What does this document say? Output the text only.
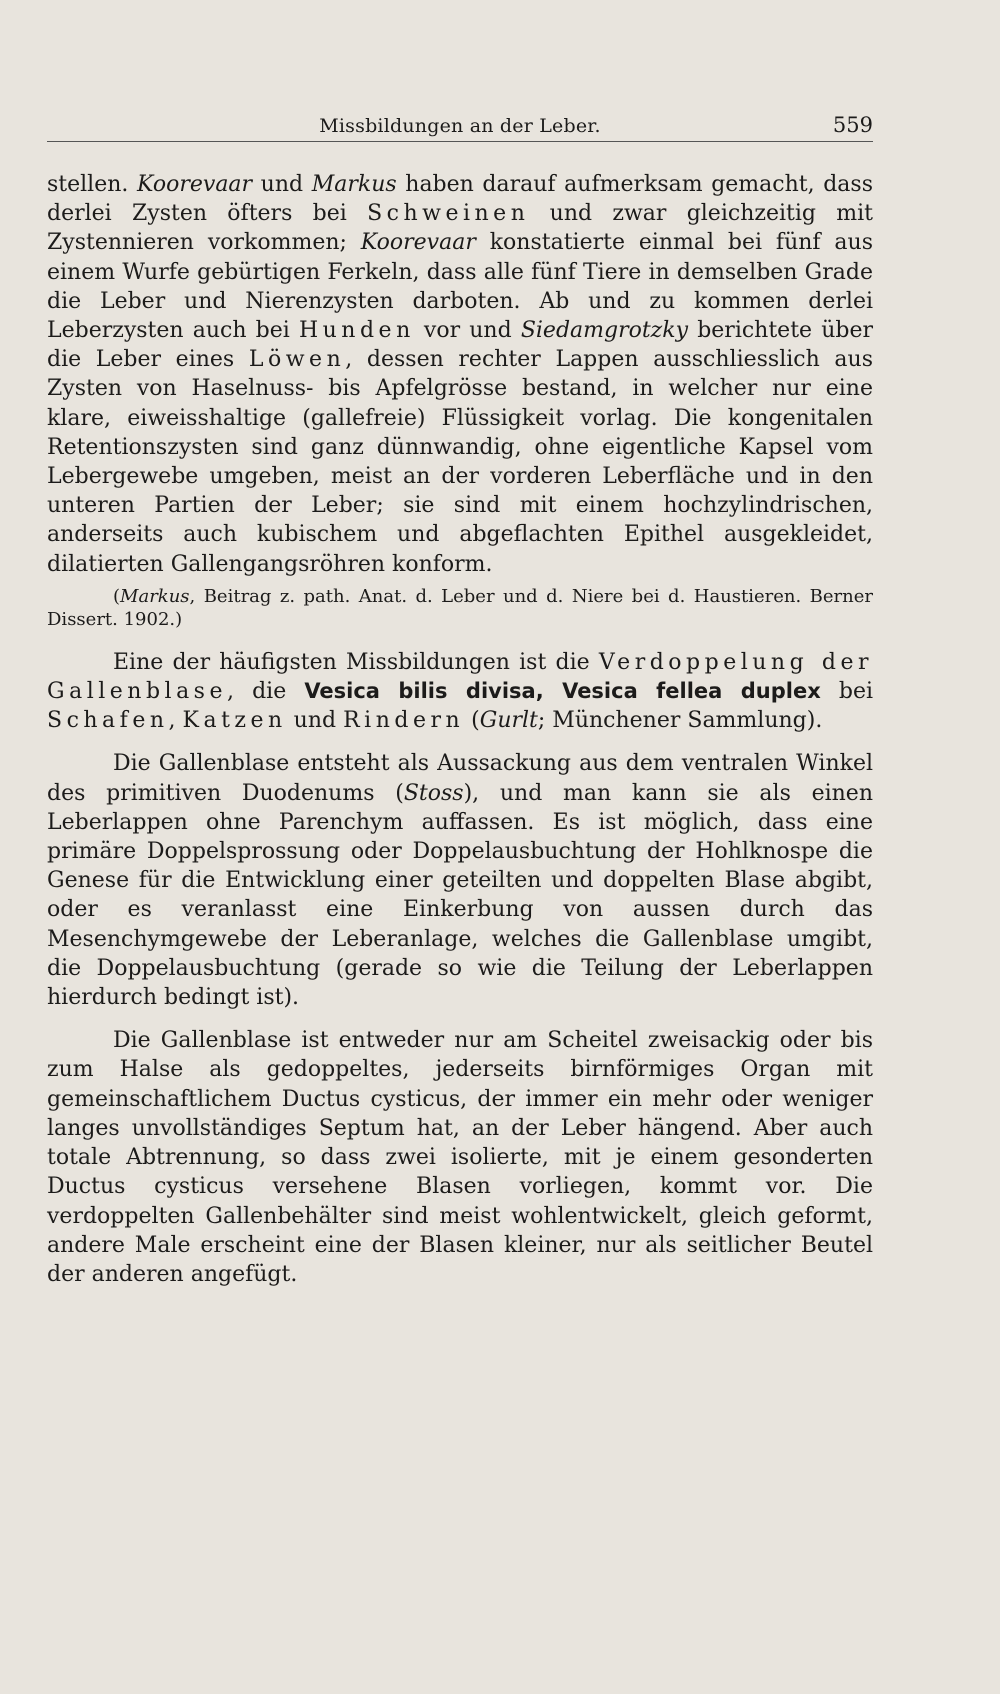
Missbildungen an der Leber.	559

stellen. Koorevaar und Markus haben darauf aufmerksam gemacht, dass derlei Zysten öfters bei Schweinen und zwar gleichzeitig mit Zystennieren vorkommen; Koorevaar konstatierte einmal bei fünf aus einem Wurfe gebürtigen Ferkeln, dass alle fünf Tiere in demselben Grade die Leber und Nierenzysten darboten. Ab und zu kommen derlei Leberzysten auch bei Hunden vor und Siedamgrotzky berichtete über die Leber eines Löwen, dessen rechter Lappen ausschliesslich aus Zysten von Haselnuss- bis Apfelgrösse bestand, in welcher nur eine klare, eiweisshaltige (gallefreie) Flüssigkeit vorlag. Die kongenitalen Retentionszysten sind ganz dünnwandig, ohne eigentliche Kapsel vom Lebergewebe umgeben, meist an der vorderen Leberfläche und in den unteren Partien der Leber; sie sind mit einem hochzylindrischen, anderseits auch kubischem und abgeflachten Epithel ausgekleidet, dilatierten Gallengangsröhren konform.

(Markus, Beitrag z. path. Anat. d. Leber und d. Niere bei d. Haustieren. Berner Dissert. 1902.)

Eine der häufigsten Missbildungen ist die Verdoppelung der Gallenblase, die Vesica bilis divisa, Vesica fellea duplex bei Schafen, Katzen und Rindern (Gurlt; Münchener Sammlung).

Die Gallenblase entsteht als Aussackung aus dem ventralen Winkel des primitiven Duodenums (Stoss), und man kann sie als einen Leberlappen ohne Parenchym auffassen. Es ist möglich, dass eine primäre Doppelsprossung oder Doppelausbuchtung der Hohlknospe die Genese für die Entwicklung einer geteilten und doppelten Blase abgibt, oder es veranlasst eine Einkerbung von aussen durch das Mesenchymgewebe der Leberanlage, welches die Gallenblase umgibt, die Doppelausbuchtung (gerade so wie die Teilung der Leberlappen hierdurch bedingt ist).

Die Gallenblase ist entweder nur am Scheitel zweisackig oder bis zum Halse als gedoppeltes, jederseits birnförmiges Organ mit gemeinschaftlichem Ductus cysticus, der immer ein mehr oder weniger langes unvollständiges Septum hat, an der Leber hängend. Aber auch totale Abtrennung, so dass zwei isolierte, mit je einem gesonderten Ductus cysticus versehene Blasen vorliegen, kommt vor. Die verdoppelten Gallenbehälter sind meist wohlentwickelt, gleich geformt, andere Male erscheint eine der Blasen kleiner, nur als seitlicher Beutel der anderen angefügt.
